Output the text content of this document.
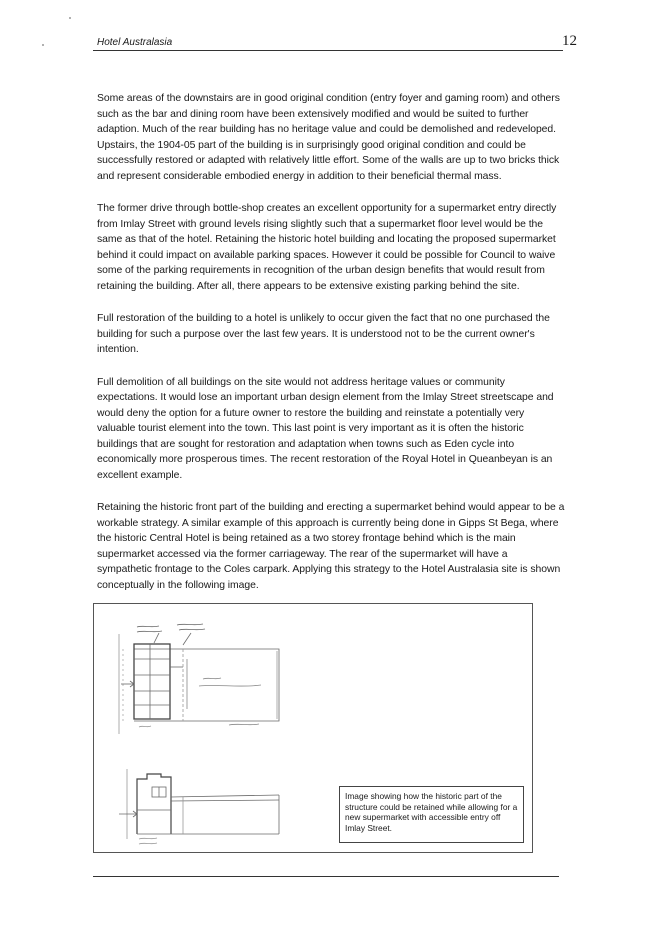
Hotel Australasia	12

Some areas of the downstairs are in good original condition (entry foyer and gaming room) and others such as the bar and dining room have been extensively modified and would be suited to further adaption. Much of the rear building has no heritage value and could be demolished and redeveloped. Upstairs, the 1904-05 part of the building is in surprisingly good original condition and could be successfully restored or adapted with relatively little effort. Some of the walls are up to two bricks thick and represent considerable embodied energy in addition to their beneficial thermal mass.

The former drive through bottle-shop creates an excellent opportunity for a supermarket entry directly from Imlay Street with ground levels rising slightly such that a supermarket floor level would be the same as that of the hotel. Retaining the historic hotel building and locating the proposed supermarket behind it could impact on available parking spaces. However it could be possible for Council to waive some of the parking requirements in recognition of the urban design benefits that would result from retaining the building. After all, there appears to be extensive existing parking behind the site.

Full restoration of the building to a hotel is unlikely to occur given the fact that no one purchased the building for such a purpose over the last few years. It is understood not to be the current owner's intention.

Full demolition of all buildings on the site would not address heritage values or community expectations. It would lose an important urban design element from the Imlay Street streetscape and would deny the option for a future owner to restore the building and reinstate a potentially very valuable tourist element into the town. This last point is very important as it is often the historic buildings that are sought for restoration and adaptation when towns such as Eden cycle into economically more prosperous times. The recent restoration of the Royal Hotel in Queanbeyan is an excellent example.

Retaining the historic front part of the building and erecting a supermarket behind would appear to be a workable strategy. A similar example of this approach is currently being done in Gipps St Bega, where the historic Central Hotel is being retained as a two storey frontage behind which is the main supermarket accessed via the former carriageway. The rear of the supermarket will have a sympathetic frontage to the Coles carpark. Applying this strategy to the Hotel Australasia site is shown conceptually in the following image.

Image showing how the historic part of the structure could be retained while allowing for a new supermarket with accessible entry off Imlay Street.
